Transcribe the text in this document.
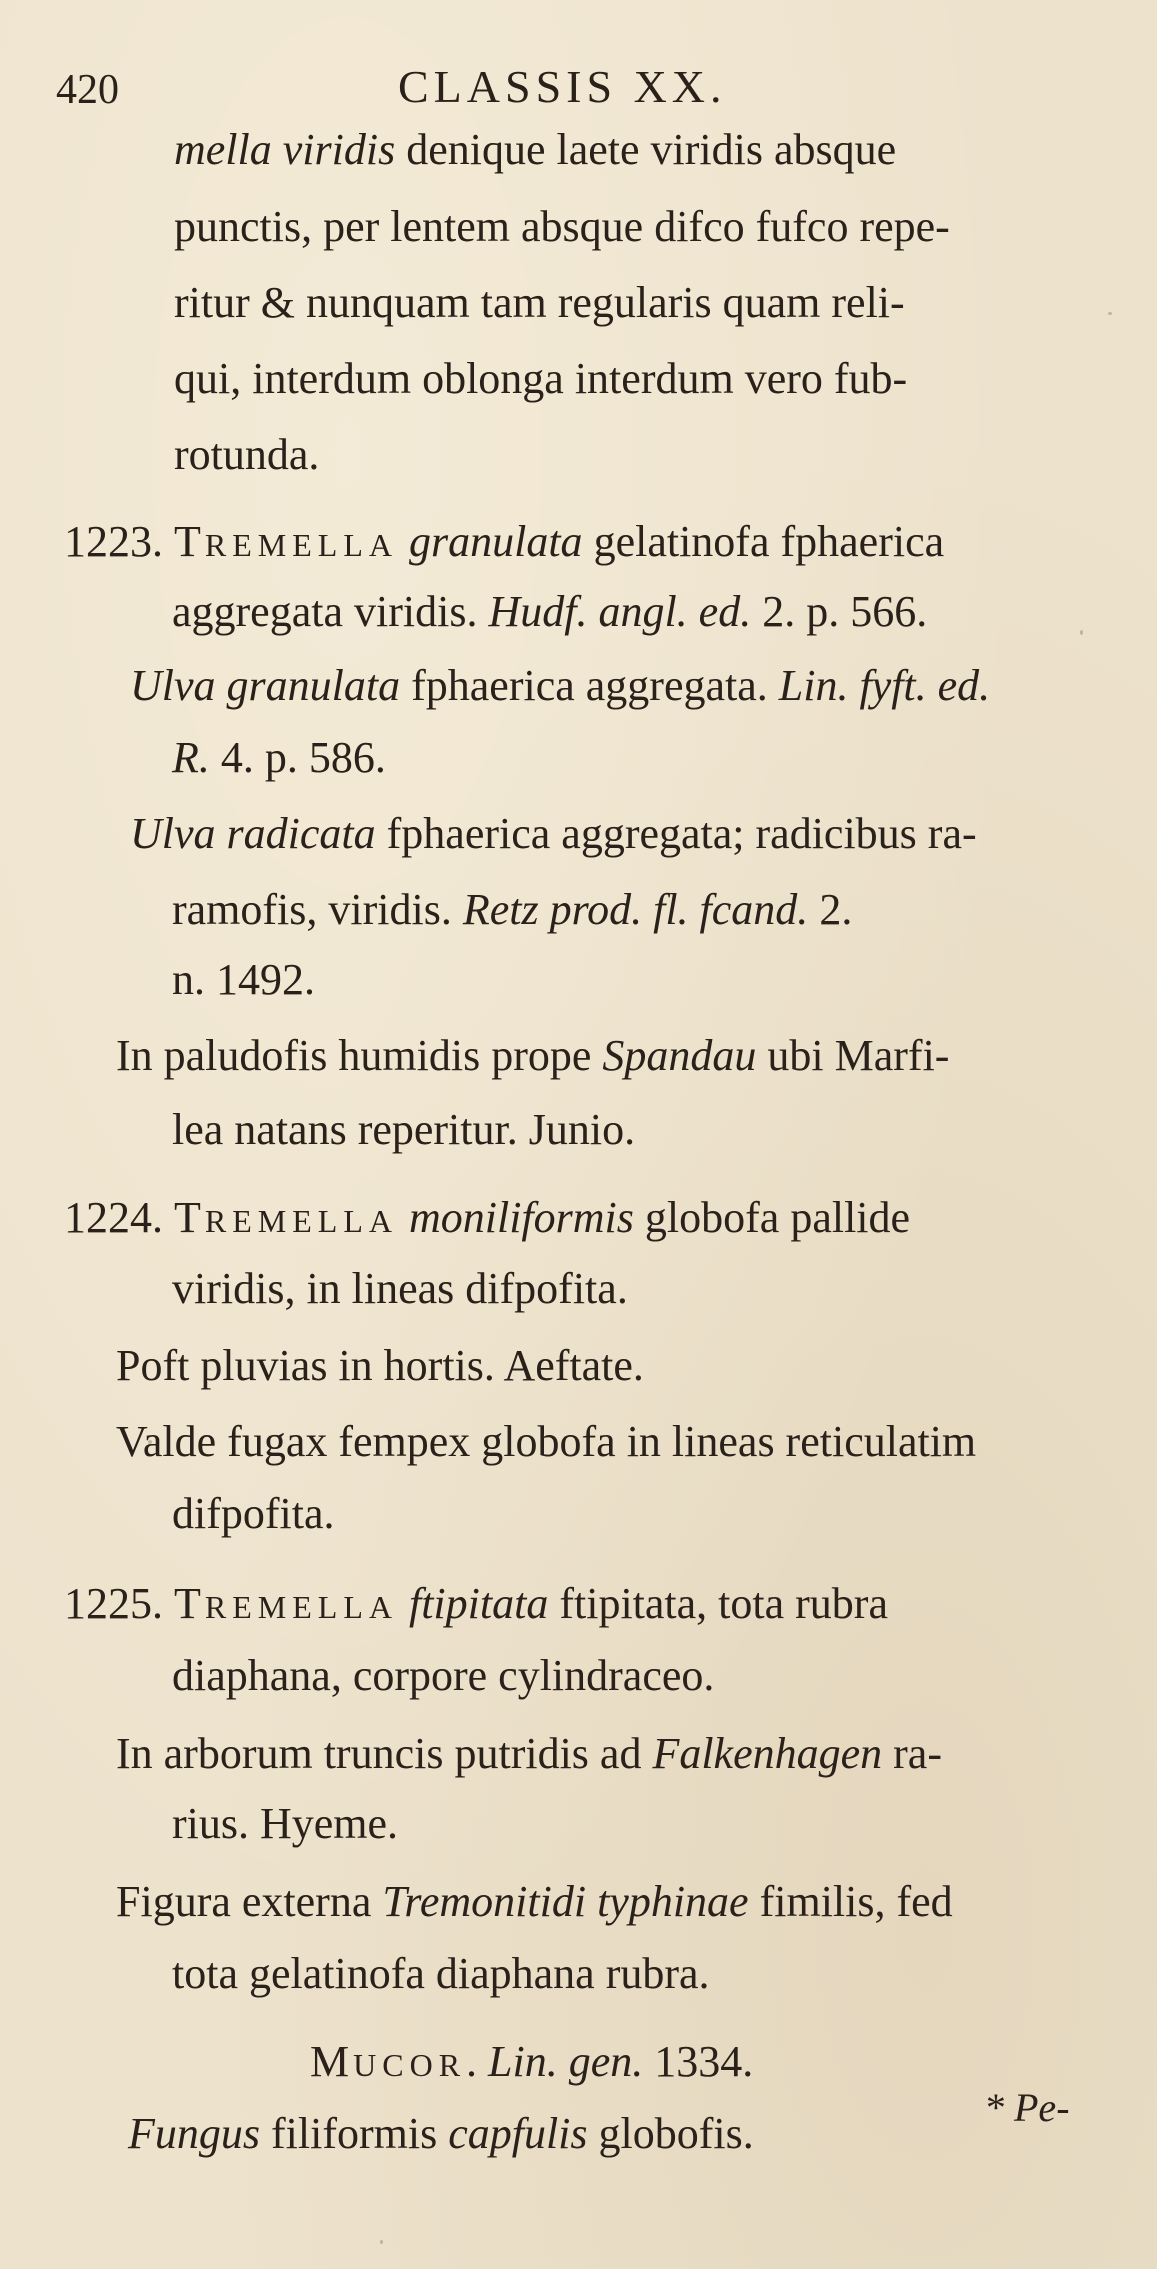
420	CLASSIS XX.
mella viridis denique laete viridis absque
punctis, per lentem absque difco fufco repe-
ritur & nunquam tam regularis quam reli-
qui, interdum oblonga interdum vero fub-
rotunda.
1223. TREMELLA granulata gelatinofa fphaerica
aggregata viridis. Hudf. angl. ed. 2. p. 566.
Ulva granulata fphaerica aggregata. Lin. fyft. ed.
R. 4. p. 586.
Ulva radicata fphaerica aggregata; radicibus ra-
ramofis, viridis. Retz prod. fl. fcand. 2.
n. 1492.
In paludofis humidis prope Spandau ubi Marfi-
lea natans reperitur. Junio.
1224. TREMELLA moniliformis globofa pallide
viridis, in lineas difpofita.
Poft pluvias in hortis. Aeftate.
Valde fugax fempex globofa in lineas reticulatim
difpofita.
1225. TREMELLA ftipitata ftipitata, tota rubra
diaphana, corpore cylindraceo.
In arborum truncis putridis ad Falkenhagen ra-
rius. Hyeme.
Figura externa Tremonitidi typhinae fimilis, fed
tota gelatinofa diaphana rubra.
MUCOR. Lin. gen. 1334.
Fungus filiformis capfulis globofis.
* Pe-
